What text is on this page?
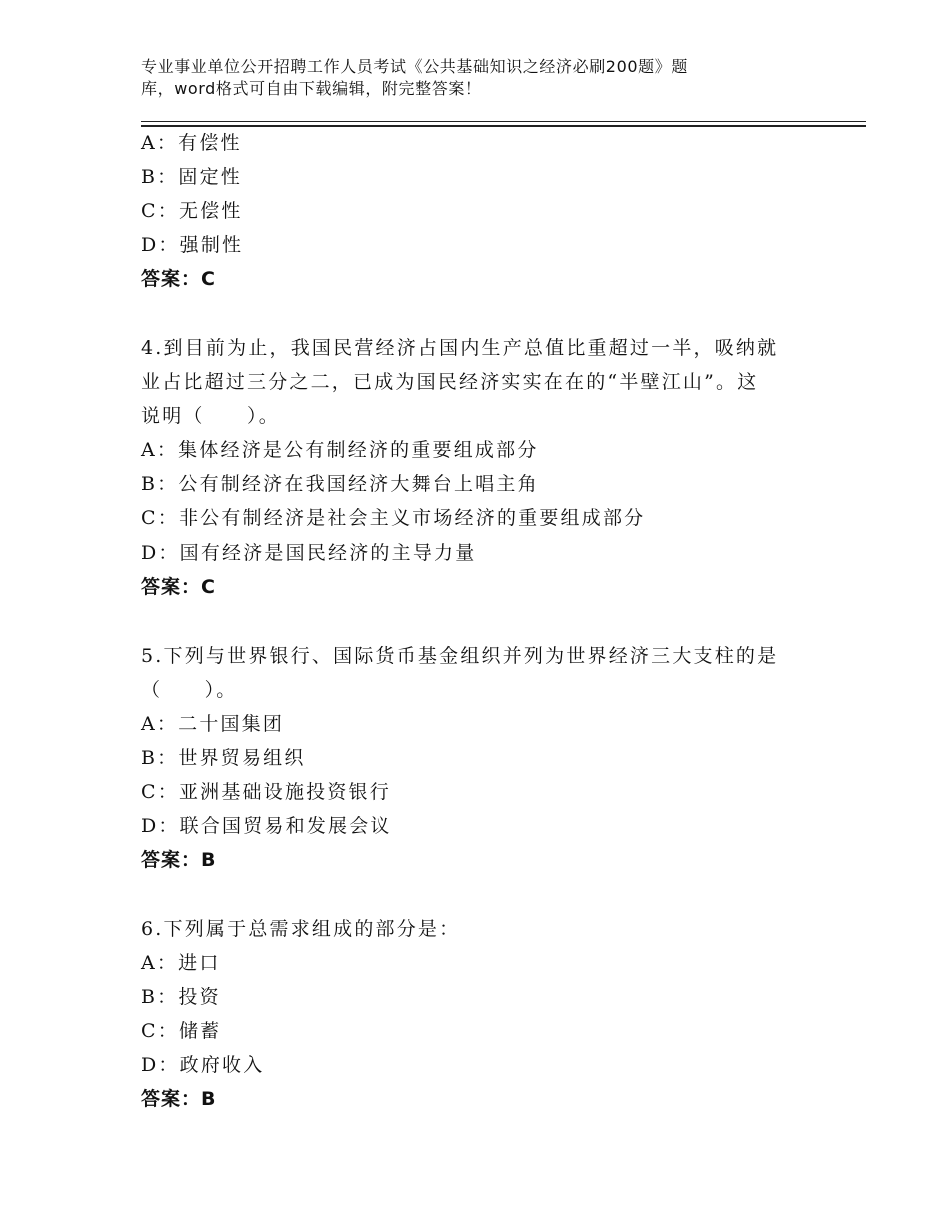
专业事业单位公开招聘工作人员考试《公共基础知识之经济必刷200题》题
库，word格式可自由下载编辑，附完整答案！
A：有偿性
B：固定性
C：无偿性
D：强制性
答案：C
4.到目前为止，我国民营经济占国内生产总值比重超过一半，吸纳就
业占比超过三分之二，已成为国民经济实实在在的“半壁江山”。这
说明（　　）。
A：集体经济是公有制经济的重要组成部分
B：公有制经济在我国经济大舞台上唱主角
C：非公有制经济是社会主义市场经济的重要组成部分
D：国有经济是国民经济的主导力量
答案：C
5.下列与世界银行、国际货币基金组织并列为世界经济三大支柱的是
（　　）。
A：二十国集团
B：世界贸易组织
C：亚洲基础设施投资银行
D：联合国贸易和发展会议
答案：B
6.下列属于总需求组成的部分是：
A：进口
B：投资
C：储蓄
D：政府收入
答案：B
